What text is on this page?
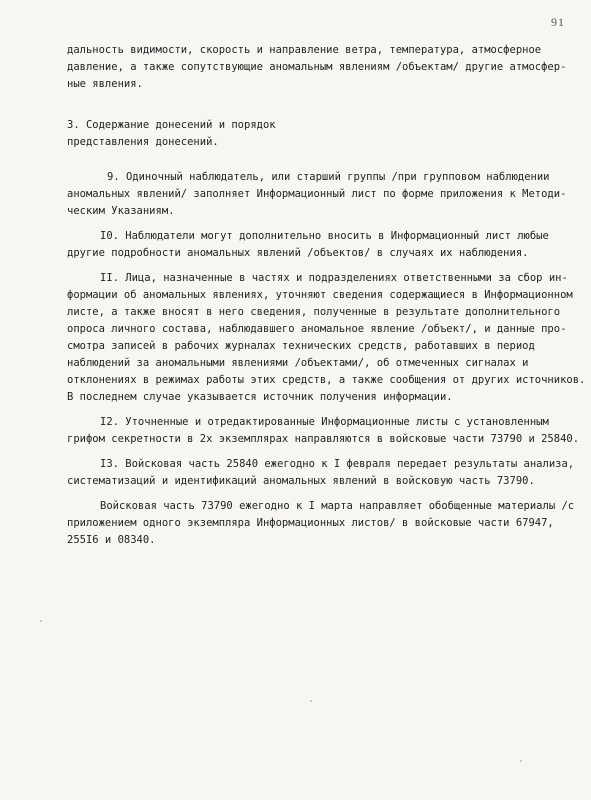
91
дальность видимости, скорость и направление ветра, температура, атмосферное
давление, а также сопутствующие аномальным явлениям /объектам/ другие атмосфер-
ные явления.
3. Содержание донесений и порядок
представления донесений.
9. Одиночный наблюдатель, или старший группы /при групповом наблюдении
аномальных явлений/ заполняет Информационный лист по форме приложения к Методи-
ческим Указаниям.
I0. Наблюдатели могут дополнительно вносить в Информационный лист любые
другие подробности аномальных явлений /объектов/ в случаях их наблюдения.
II. Лица, назначенные в частях и подразделениях ответственными за сбор ин-
формации об аномальных явлениях, уточняют сведения содержащиеся в Информационном
листе, а также вносят в него сведения, полученные в результате дополнительного
опроса личного состава, наблюдавшего аномальное явление /объект/, и данные про-
смотра записей в рабочих журналах технических средств, работавших в период
наблюдений за аномальными явлениями /объектами/, об отмеченных сигналах и
отклонениях в режимах работы этих средств, а также сообщения от других источников.
В последнем случае указывается источник получения информации.
I2. Уточненные и отредактированные Информационные листы с установленным
грифом секретности в 2х экземплярах направляются в войсковые части 73790 и 25840.
I3. Войсковая часть 25840 ежегодно к I февраля передает результаты анализа,
систематизаций и идентификаций аномальных явлений в войсковую часть 73790.
Войсковая часть 73790 ежегодно к I марта направляет обобщенные материалы /с
приложением одного экземпляра Информационных листов/ в войсковые части 67947,
255I6 и 08340.
